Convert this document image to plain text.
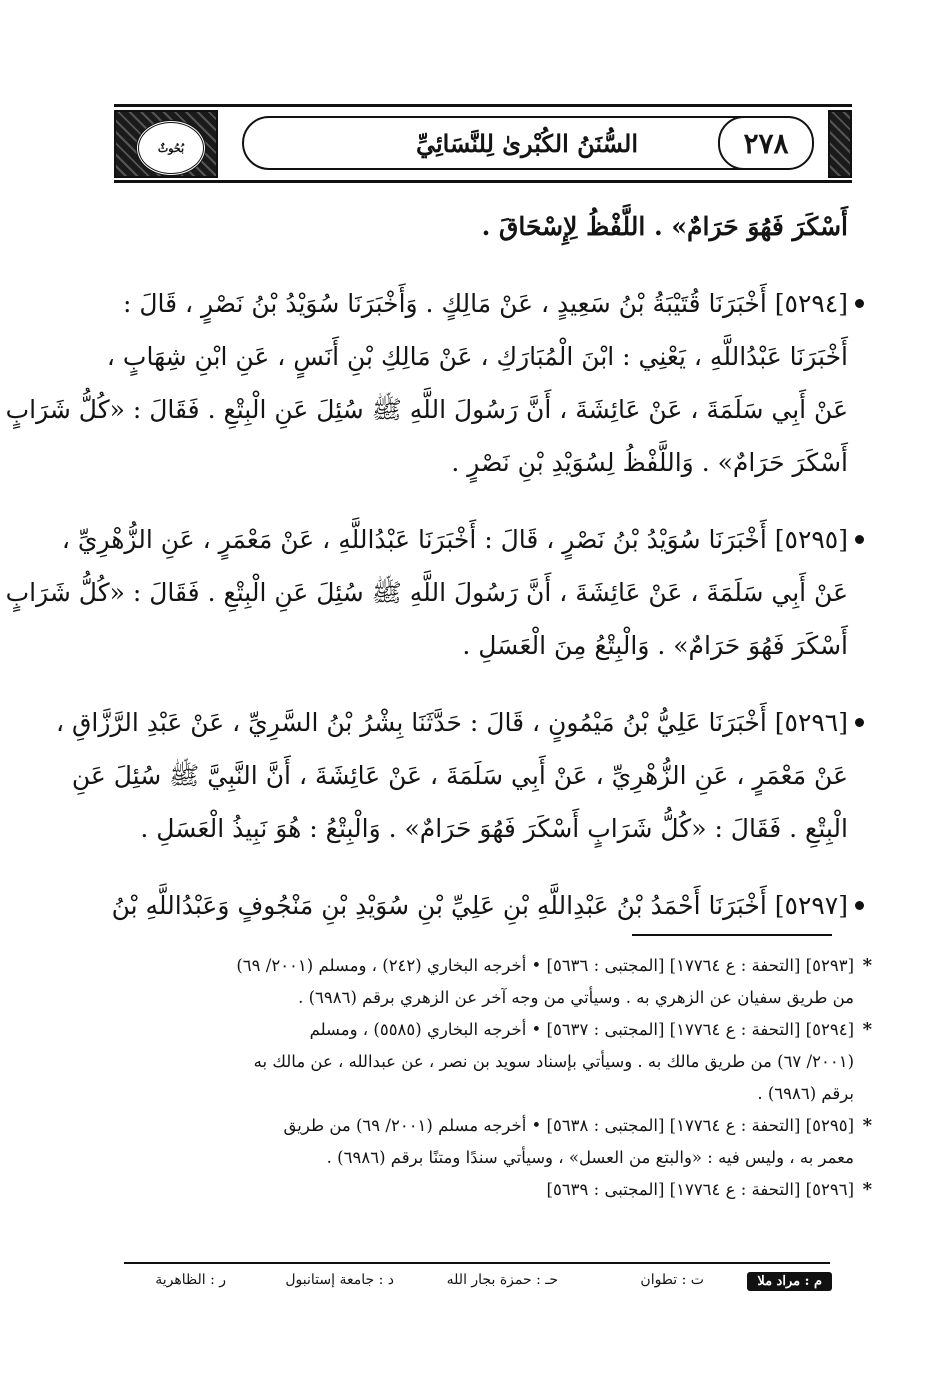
بُحُوثٌ	السُّنَنُ الكُبْرىٰ لِلنَّسَائِيِّ	٢٧٨
أَسْكَرَ فَهُوَ حَرَامٌ» . اللَّفْظُ لِإِسْحَاقَ .
[٥٢٩٤] أَخْبَرَنَا قُتَيْبَةُ بْنُ سَعِيدٍ ، عَنْ مَالِكٍ . وَأَخْبَرَنَا سُوَيْدُ بْنُ نَصْرٍ ، قَالَ :
أَخْبَرَنَا عَبْدُاللَّهِ ، يَعْنِي : ابْنَ الْمُبَارَكِ ، عَنْ مَالِكِ بْنِ أَنَسٍ ، عَنِ ابْنِ شِهَابٍ ،
عَنْ أَبِي سَلَمَةَ ، عَنْ عَائِشَةَ ، أَنَّ رَسُولَ اللَّهِ ﷺ سُئِلَ عَنِ الْبِتْعِ . فَقَالَ : «كُلُّ شَرَابٍ
أَسْكَرَ حَرَامٌ» . وَاللَّفْظُ لِسُوَيْدِ بْنِ نَصْرٍ .
[٥٢٩٥] أَخْبَرَنَا سُوَيْدُ بْنُ نَصْرٍ ، قَالَ : أَخْبَرَنَا عَبْدُاللَّهِ ، عَنْ مَعْمَرٍ ، عَنِ الزُّهْرِيِّ ،
عَنْ أَبِي سَلَمَةَ ، عَنْ عَائِشَةَ ، أَنَّ رَسُولَ اللَّهِ ﷺ سُئِلَ عَنِ الْبِتْعِ . فَقَالَ : «كُلُّ شَرَابٍ
أَسْكَرَ فَهُوَ حَرَامٌ» . وَالْبِتْعُ مِنَ الْعَسَلِ .
[٥٢٩٦] أَخْبَرَنَا عَلِيُّ بْنُ مَيْمُونٍ ، قَالَ : حَدَّثَنَا بِشْرُ بْنُ السَّرِيِّ ، عَنْ عَبْدِ الرَّزَّاقِ ،
عَنْ مَعْمَرٍ ، عَنِ الزُّهْرِيِّ ، عَنْ أَبِي سَلَمَةَ ، عَنْ عَائِشَةَ ، أَنَّ النَّبِيَّ ﷺ سُئِلَ عَنِ
الْبِتْعِ . فَقَالَ : «كُلُّ شَرَابٍ أَسْكَرَ فَهُوَ حَرَامٌ» . وَالْبِتْعُ : هُوَ نَبِيذُ الْعَسَلِ .
[٥٢٩٧] أَخْبَرَنَا أَحْمَدُ بْنُ عَبْدِاللَّهِ بْنِ عَلِيِّ بْنِ سُوَيْدِ بْنِ مَنْجُوفٍ وَعَبْدُاللَّهِ بْنُ
*
[٥٢٩٣] [التحفة : ع ١٧٧٦٤] [المجتبى : ٥٦٣٦] • أخرجه البخاري (٢٤٢) ، ومسلم (٢٠٠١/ ٦٩)
من طريق سفيان عن الزهري به . وسيأتي من وجه آخر عن الزهري برقم (٦٩٨٦) .
*
[٥٢٩٤] [التحفة : ع ١٧٧٦٤] [المجتبى : ٥٦٣٧] • أخرجه البخاري (٥٥٨٥) ، ومسلم
(٢٠٠١/ ٦٧) من طريق مالك به . وسيأتي بإسناد سويد بن نصر ، عن عبدالله ، عن مالك به
برقم (٦٩٨٦) .
*
[٥٢٩٥] [التحفة : ع ١٧٧٦٤] [المجتبى : ٥٦٣٨] • أخرجه مسلم (٢٠٠١/ ٦٩) من طريق
معمر به ، وليس فيه : «والبتع من العسل» ، وسيأتي سندًا ومتنًا برقم (٦٩٨٦) .
*
[٥٢٩٦] [التحفة : ع ١٧٧٦٤] [المجتبى : ٥٦٣٩]
م : مراد ملا
ت : تطوان
حـ : حمزة بجار الله
د : جامعة إستانبول
ر : الظاهرية
